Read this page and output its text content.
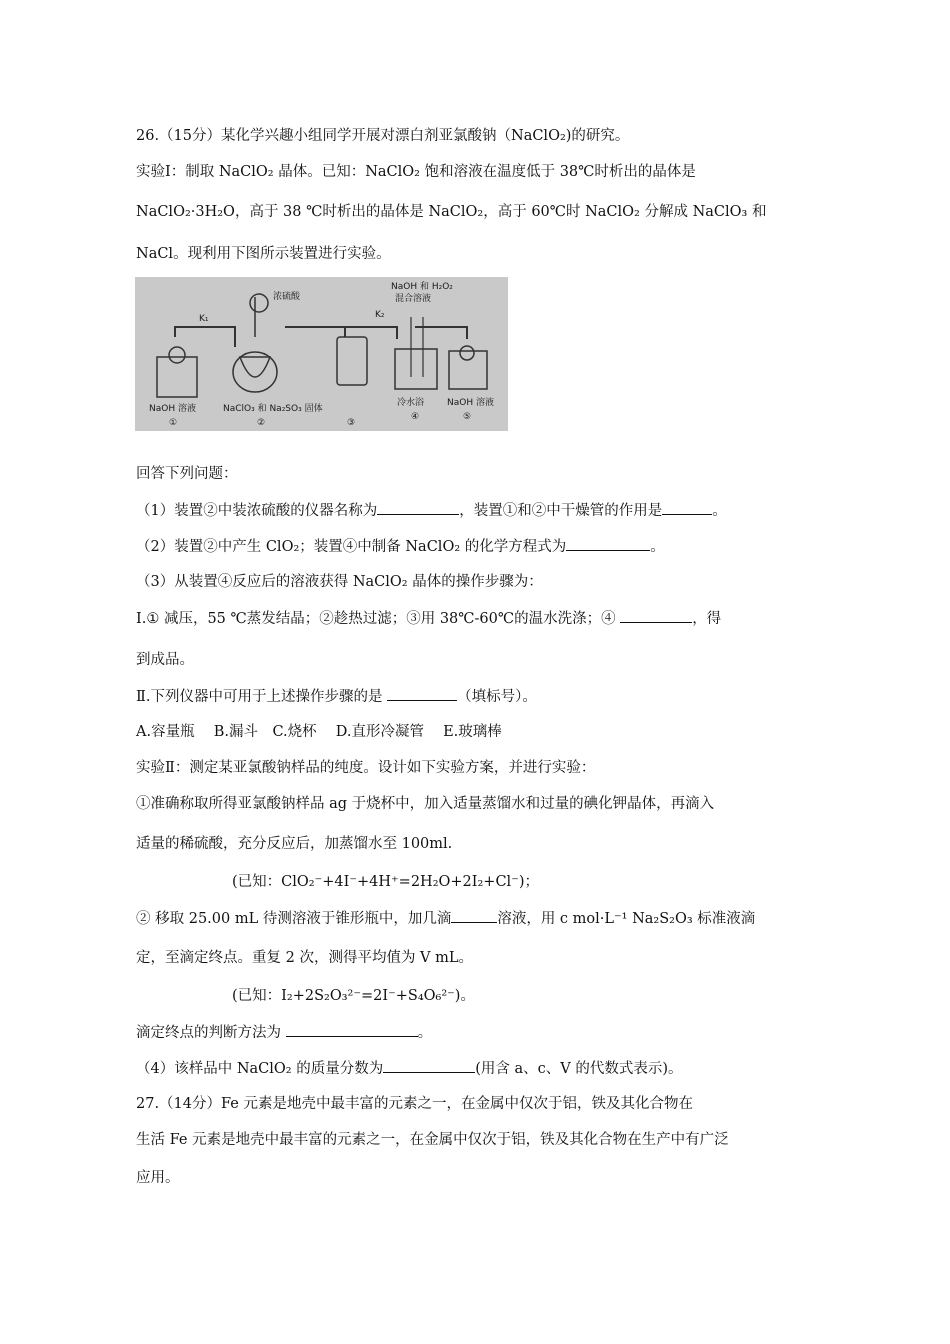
26.（15分）某化学兴趣小组同学开展对漂白剂亚氯酸钠（NaClO₂)的研究。
实验Ⅰ：制取 NaClO₂ 晶体。已知：NaClO₂ 饱和溶液在温度低于 38℃时析出的晶体是
NaClO₂·3H₂O，高于 38 ℃时析出的晶体是 NaClO₂，高于 60℃时 NaClO₂ 分解成 NaClO₃ 和
NaCl。现利用下图所示装置进行实验。
浓硫酸
NaOH 和 H₂O₂
混合溶液
K₁	K₂
NaOH 溶液	NaClO₃ 和 Na₂SO₃ 固体
冷水浴	NaOH 溶液
①	②	③
④	⑤
回答下列问题：
（1）装置②中装浓硫酸的仪器名称为	，装置①和②中干燥管的作用是	。
（2）装置②中产生 ClO₂；装置④中制备 NaClO₂ 的化学方程式为	。
（3）从装置④反应后的溶液获得 NaClO₂ 晶体的操作步骤为：
Ⅰ.① 减压，55 ℃蒸发结晶；②趁热过滤；③用 38℃-60℃的温水洗涤；④	，得
到成品。
Ⅱ.下列仪器中可用于上述操作步骤的是	（填标号）。
A.容量瓶　 B.漏斗　C.烧杯　 D.直形冷凝管　 E.玻璃棒
实验Ⅱ：测定某亚氯酸钠样品的纯度。设计如下实验方案，并进行实验：
①准确称取所得亚氯酸钠样品 ag 于烧杯中，加入适量蒸馏水和过量的碘化钾晶体，再滴入
适量的稀硫酸，充分反应后，加蒸馏水至 100ml.
(已知：ClO₂⁻+4I⁻+4H⁺=2H₂O+2I₂+Cl⁻)；
② 移取 25.00 mL 待测溶液于锥形瓶中，加几滴	溶液，用 c mol·L⁻¹ Na₂S₂O₃ 标准液滴
定，至滴定终点。重复 2 次，测得平均值为 V mL。
(已知：I₂+2S₂O₃²⁻=2I⁻+S₄O₆²⁻)。
滴定终点的判断方法为	。
（4）该样品中 NaClO₂ 的质量分数为	(用含 a、c、V 的代数式表示)。
27.（14分）Fe 元素是地壳中最丰富的元素之一，在金属中仅次于铝，铁及其化合物在
生活 Fe 元素是地壳中最丰富的元素之一，在金属中仅次于铝，铁及其化合物在生产中有广泛
应用。
